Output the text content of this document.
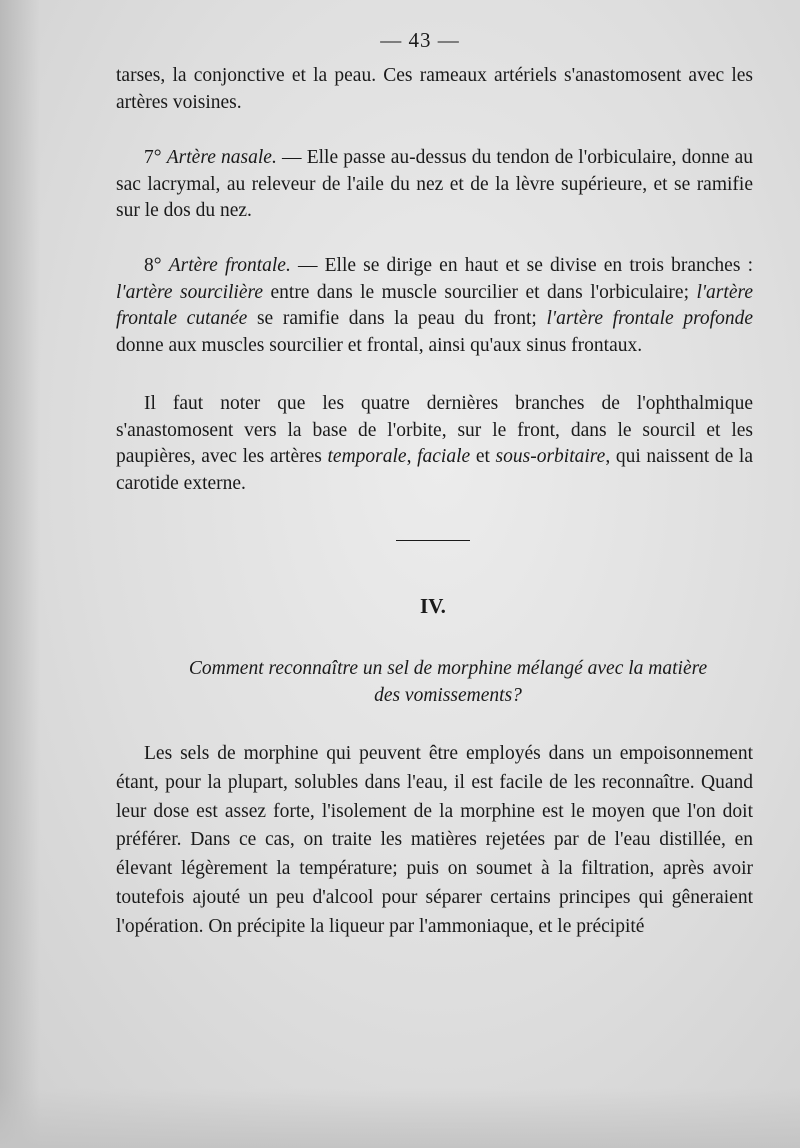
— 43 —

tarses, la conjonctive et la peau. Ces rameaux artériels s'anastomosent avec les artères voisines.

7° Artère nasale. — Elle passe au-dessus du tendon de l'orbiculaire, donne au sac lacrymal, au releveur de l'aile du nez et de la lèvre supérieure, et se ramifie sur le dos du nez.

8° Artère frontale. — Elle se dirige en haut et se divise en trois branches : l'artère sourcilière entre dans le muscle sourcilier et dans l'orbiculaire; l'artère frontale cutanée se ramifie dans la peau du front; l'artère frontale profonde donne aux muscles sourcilier et frontal, ainsi qu'aux sinus frontaux.

Il faut noter que les quatre dernières branches de l'ophthalmique s'anastomosent vers la base de l'orbite, sur le front, dans le sourcil et les paupières, avec les artères temporale, faciale et sous-orbitaire, qui naissent de la carotide externe.

IV.
Comment reconnaître un sel de morphine mélangé avec la matière
des vomissements?

Les sels de morphine qui peuvent être employés dans un empoisonnement étant, pour la plupart, solubles dans l'eau, il est facile de les reconnaître. Quand leur dose est assez forte, l'isolement de la morphine est le moyen que l'on doit préférer. Dans ce cas, on traite les matières rejetées par de l'eau distillée, en élevant légèrement la température; puis on soumet à la filtration, après avoir toutefois ajouté un peu d'alcool pour séparer certains principes qui gêneraient l'opération. On précipite la liqueur par l'ammoniaque, et le précipité
